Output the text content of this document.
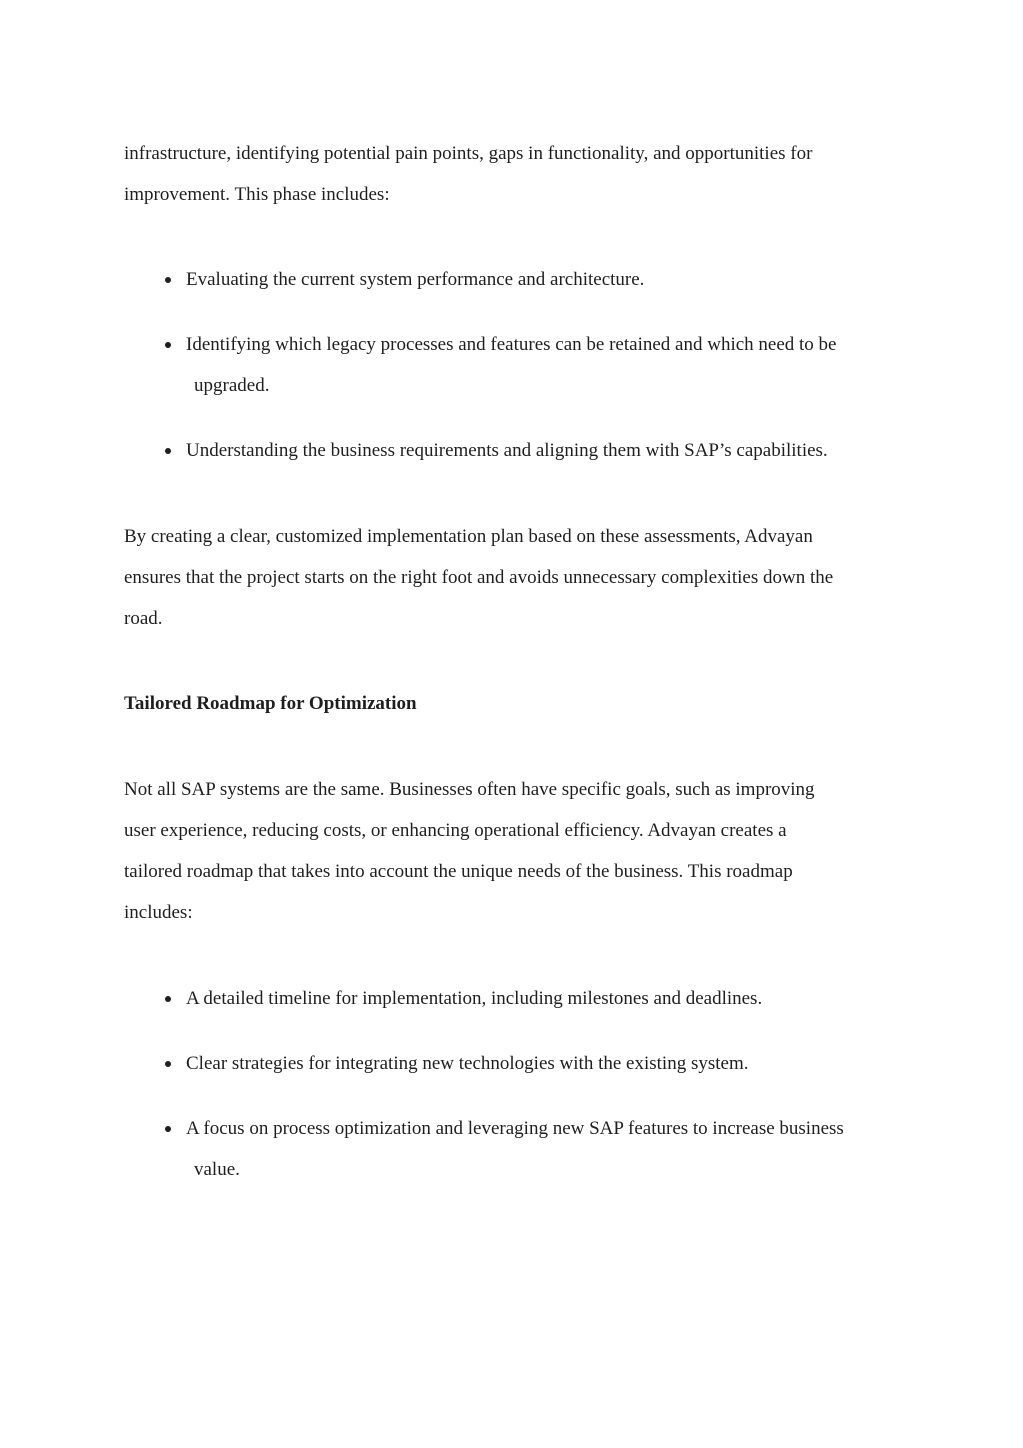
infrastructure, identifying potential pain points, gaps in functionality, and opportunities for
improvement. This phase includes:
Evaluating the current system performance and architecture.
Identifying which legacy processes and features can be retained and which need to be
upgraded.
Understanding the business requirements and aligning them with SAP’s capabilities.
By creating a clear, customized implementation plan based on these assessments, Advayan
ensures that the project starts on the right foot and avoids unnecessary complexities down the
road.
Tailored Roadmap for Optimization
Not all SAP systems are the same. Businesses often have specific goals, such as improving
user experience, reducing costs, or enhancing operational efficiency. Advayan creates a
tailored roadmap that takes into account the unique needs of the business. This roadmap
includes:
A detailed timeline for implementation, including milestones and deadlines.
Clear strategies for integrating new technologies with the existing system.
A focus on process optimization and leveraging new SAP features to increase business
value.
